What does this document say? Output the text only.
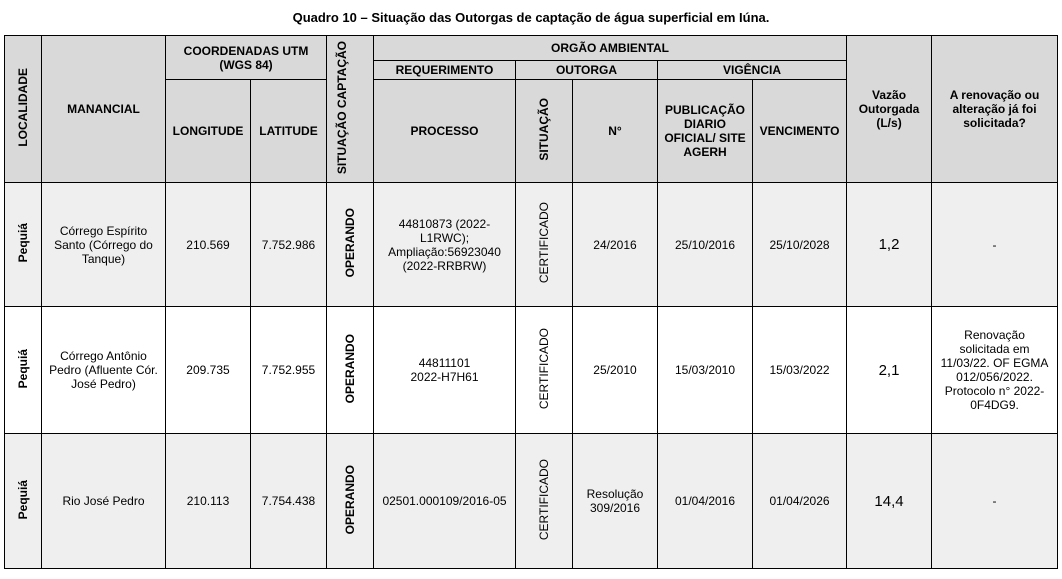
Quadro 10 – Situação das Outorgas de captação de água superficial em Iúna.
LOCALIDADE	MANANCIAL	COORDENADAS UTM (WGS 84)		SITUAÇÃO CAPTAÇÃO	ORGÃO AMBIENTAL					Vazão Outorgada (L/s)	A renovação ou alteração já foi solicitada?
					REQUERIMENTO	OUTORGA		VIGÊNCIA			
		LONGITUDE	LATITUDE		PROCESSO	SITUAÇÃO	N°	PUBLICAÇÃO DIARIO OFICIAL/ SITE AGERH	VENCIMENTO		
Pequiá	Córrego Espírito Santo (Córrego do Tanque)	210.569	7.752.986	OPERANDO	44810873 (2022-L1RWC); Ampliação:56923040 (2022-RRBRW)	CERTIFICADO	24/2016	25/10/2016	25/10/2028	1,2	-
Pequiá	Córrego Antônio Pedro (Afluente Cór. José Pedro)	209.735	7.752.955	OPERANDO	44811101 2022-H7H61	CERTIFICADO	25/2010	15/03/2010	15/03/2022	2,1	Renovação solicitada em 11/03/22. OF EGMA 012/056/2022. Protocolo n° 2022-0F4DG9.
Pequiá	Rio José Pedro	210.113	7.754.438	OPERANDO	02501.000109/2016-05	CERTIFICADO	Resolução 309/2016	01/04/2016	01/04/2026	14,4	-
